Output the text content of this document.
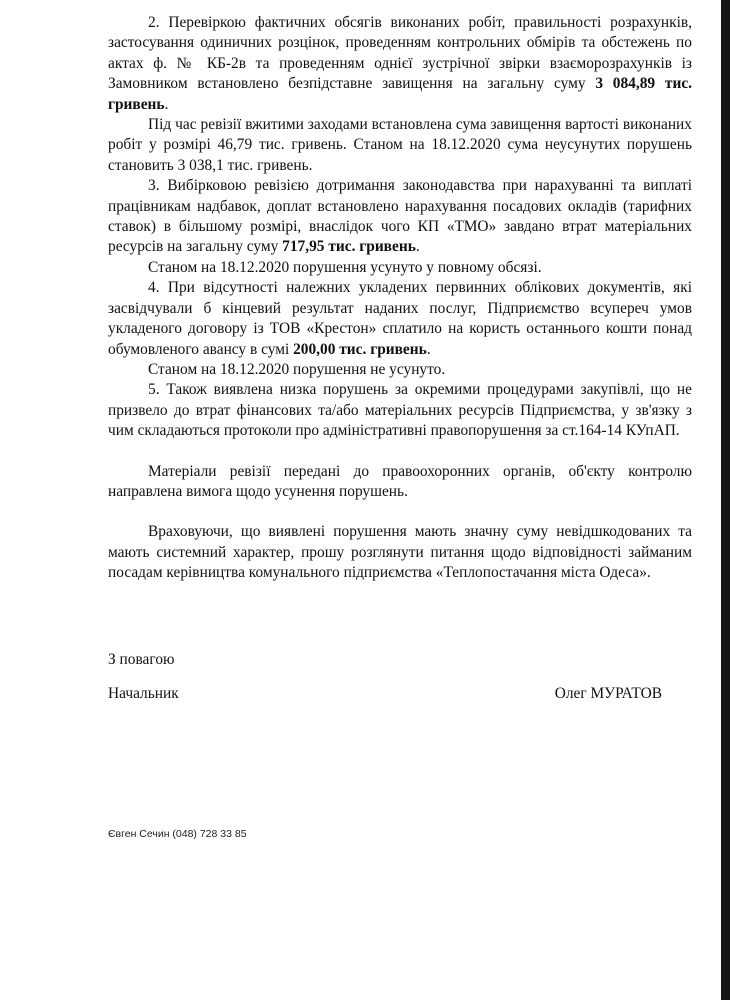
2. Перевіркою фактичних обсягів виконаних робіт, правильності розрахунків, застосування одиничних розцінок, проведенням контрольних обмірів та обстежень по актах ф. № КБ-2в та проведенням однієї зустрічної звірки взаєморозрахунків із Замовником встановлено безпідставне завищення на загальну суму 3 084,89 тис. гривень.

Під час ревізії вжитими заходами встановлена сума завищення вартості виконаних робіт у розмірі 46,79 тис. гривень. Станом на 18.12.2020 сума неусунутих порушень становить 3 038,1 тис. гривень.

3. Вибірковою ревізією дотримання законодавства при нарахуванні та виплаті працівникам надбавок, доплат встановлено нарахування посадових окладів (тарифних ставок) в більшому розмірі, внаслідок чого КП «ТМО» завдано втрат матеріальних ресурсів на загальну суму 717,95 тис. гривень.

Станом на 18.12.2020 порушення усунуто у повному обсязі.

4. При відсутності належних укладених первинних облікових документів, які засвідчували б кінцевий результат наданих послуг, Підприємство всупереч умов укладеного договору із ТОВ «Крестон» сплатило на користь останнього кошти понад обумовленого авансу в сумі 200,00 тис. гривень.

Станом на 18.12.2020 порушення не усунуто.

5. Також виявлена низка порушень за окремими процедурами закупівлі, що не призвело до втрат фінансових та/або матеріальних ресурсів Підприємства, у зв'язку з чим складаються протоколи про адміністративні правопорушення за ст.164-14 КУпАП.

Матеріали ревізії передані до правоохоронних органів, об'єкту контролю направлена вимога щодо усунення порушень.

Враховуючи, що виявлені порушення мають значну суму невідшкодованих та мають системний характер, прошу розглянути питання щодо відповідності займаним посадам керівництва комунального підприємства «Теплопостачання міста Одеса».

З повагою
Начальник	Олег МУРАТОВ
Євген Сечин (048) 728 33 85
